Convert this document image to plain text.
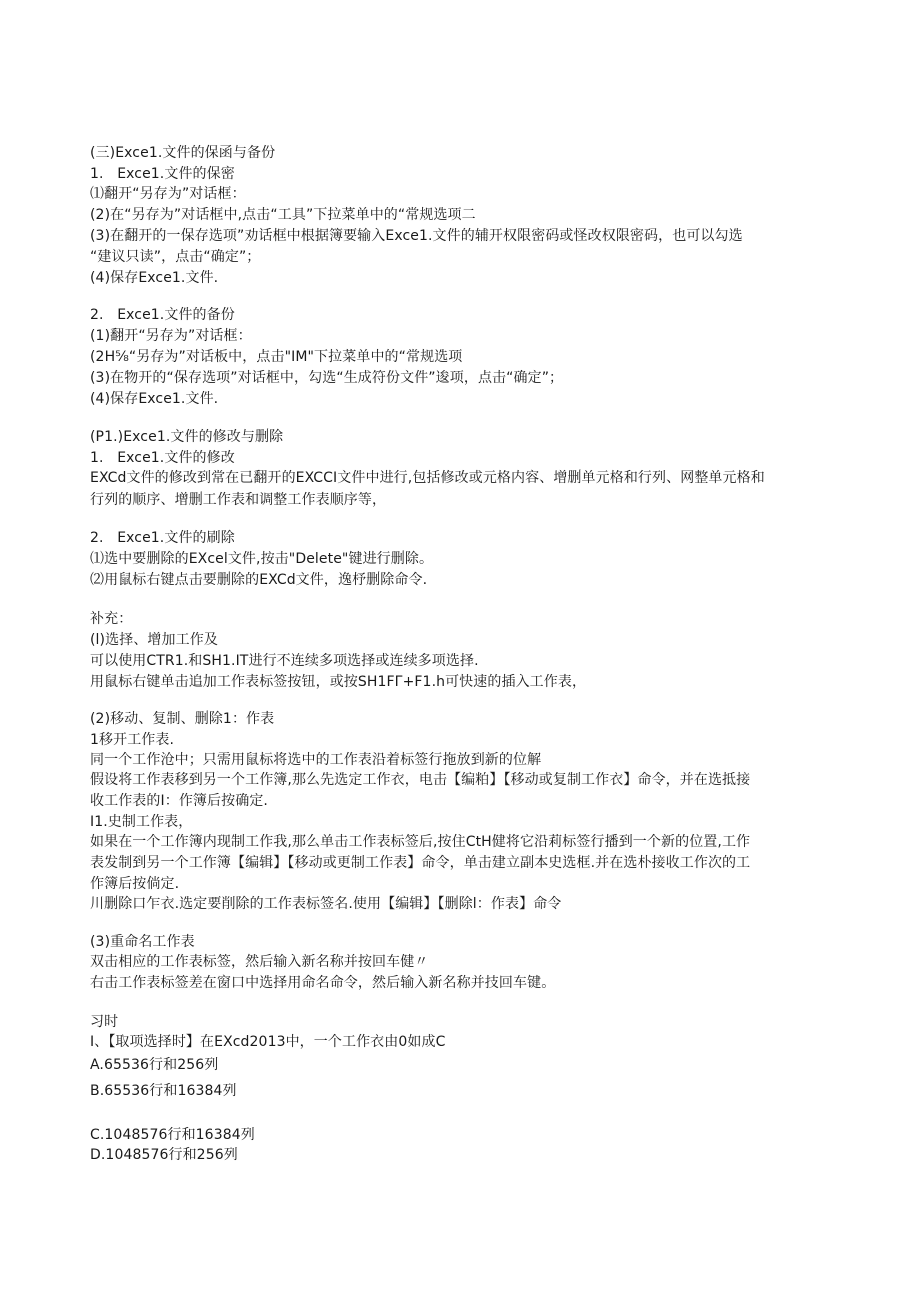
(三)Exce1.文件的保函与备份
1.   Exce1.文件的保密
⑴翻开“另存为”对话框：
(2)在“另存为”对话框中,点击“工具”下拉菜单中的“常规选项二
(3)在翻开的一保存选项”劝话框中根据簿要输入Exce1.文件的辅开权限密码或怪改权限密码，也可以勾选
“建议只读”，点击“确定”；
(4)保存Exce1.文件.
2.   Exce1.文件的备份
(1)翻开“另存为”对话框：
(2H⅝“另存为”对话板中，点击"IM"下拉菜单中的“常规选项
(3)在物开的“保存选项”对话框中，勾选“生成符份文件”逡项，点击“确定”；
(4)保存Exce1.文件.
(P1.)Exce1.文件的修改与删除
1.   Exce1.文件的修改
EXCd文件的修改到常在已翻开的EXCCI文件中进行,包括修改或元格内容、增删单元格和行列、网整单元格和
行列的顺序、增删工作表和调整工作表顺序等，
2.   Exce1.文件的刷除
⑴选中要删除的EXcel文件,按击"Delete"键进行删除。
⑵用鼠标右键点击要删除的EXCd文件，逸杼删除命令.
补充：
(l)选择、增加工作及
可以使用CTR1.和SH1.IT进行不连续多项选择或连续多项选择.
用鼠标右键单击追加工作表标签按钮，或按SH1FΓ+F1.h可快速的插入工作表，
(2)移动、复制、删除1：作表
1移开工作表.
同一个工作沧中；只需用鼠标将选中的工作表沿着标签行拖放到新的位解
假设将工作表移到另一个工作簿,那么先选定工作衣，电击【编粕】【移动或复制工作衣】命令，并在选抵接
收工作表的I：作簿后按确定.
I1.史制工作表，
如果在一个工作簿内现制工作我,那么单击工作表标签后,按住CtH健将它沿莉标签行播到一个新的位置,工作
表发制到另一个工作簿【编辑】【移动或更制工作表】命令，单击建立副本史选框.并在选朴接收工作次的工
作簿后按倘定.
川删除口乍衣.选定要削除的工作表标签名.使用【编辑】【删除l：作表】命令
(3)重命名工作表
双击相应的工作表标签，然后输入新名称并按回车健〃
右击工作表标签差在窗口中选择用命名命令，然后输入新名称并技回车键。
习时
I、【取项选择时】在EXcd2013中，一个工作衣由0如成C
A.65536行和256列
B.65536行和16384列
C.1048576行和16384列
D.1048576行和256列
